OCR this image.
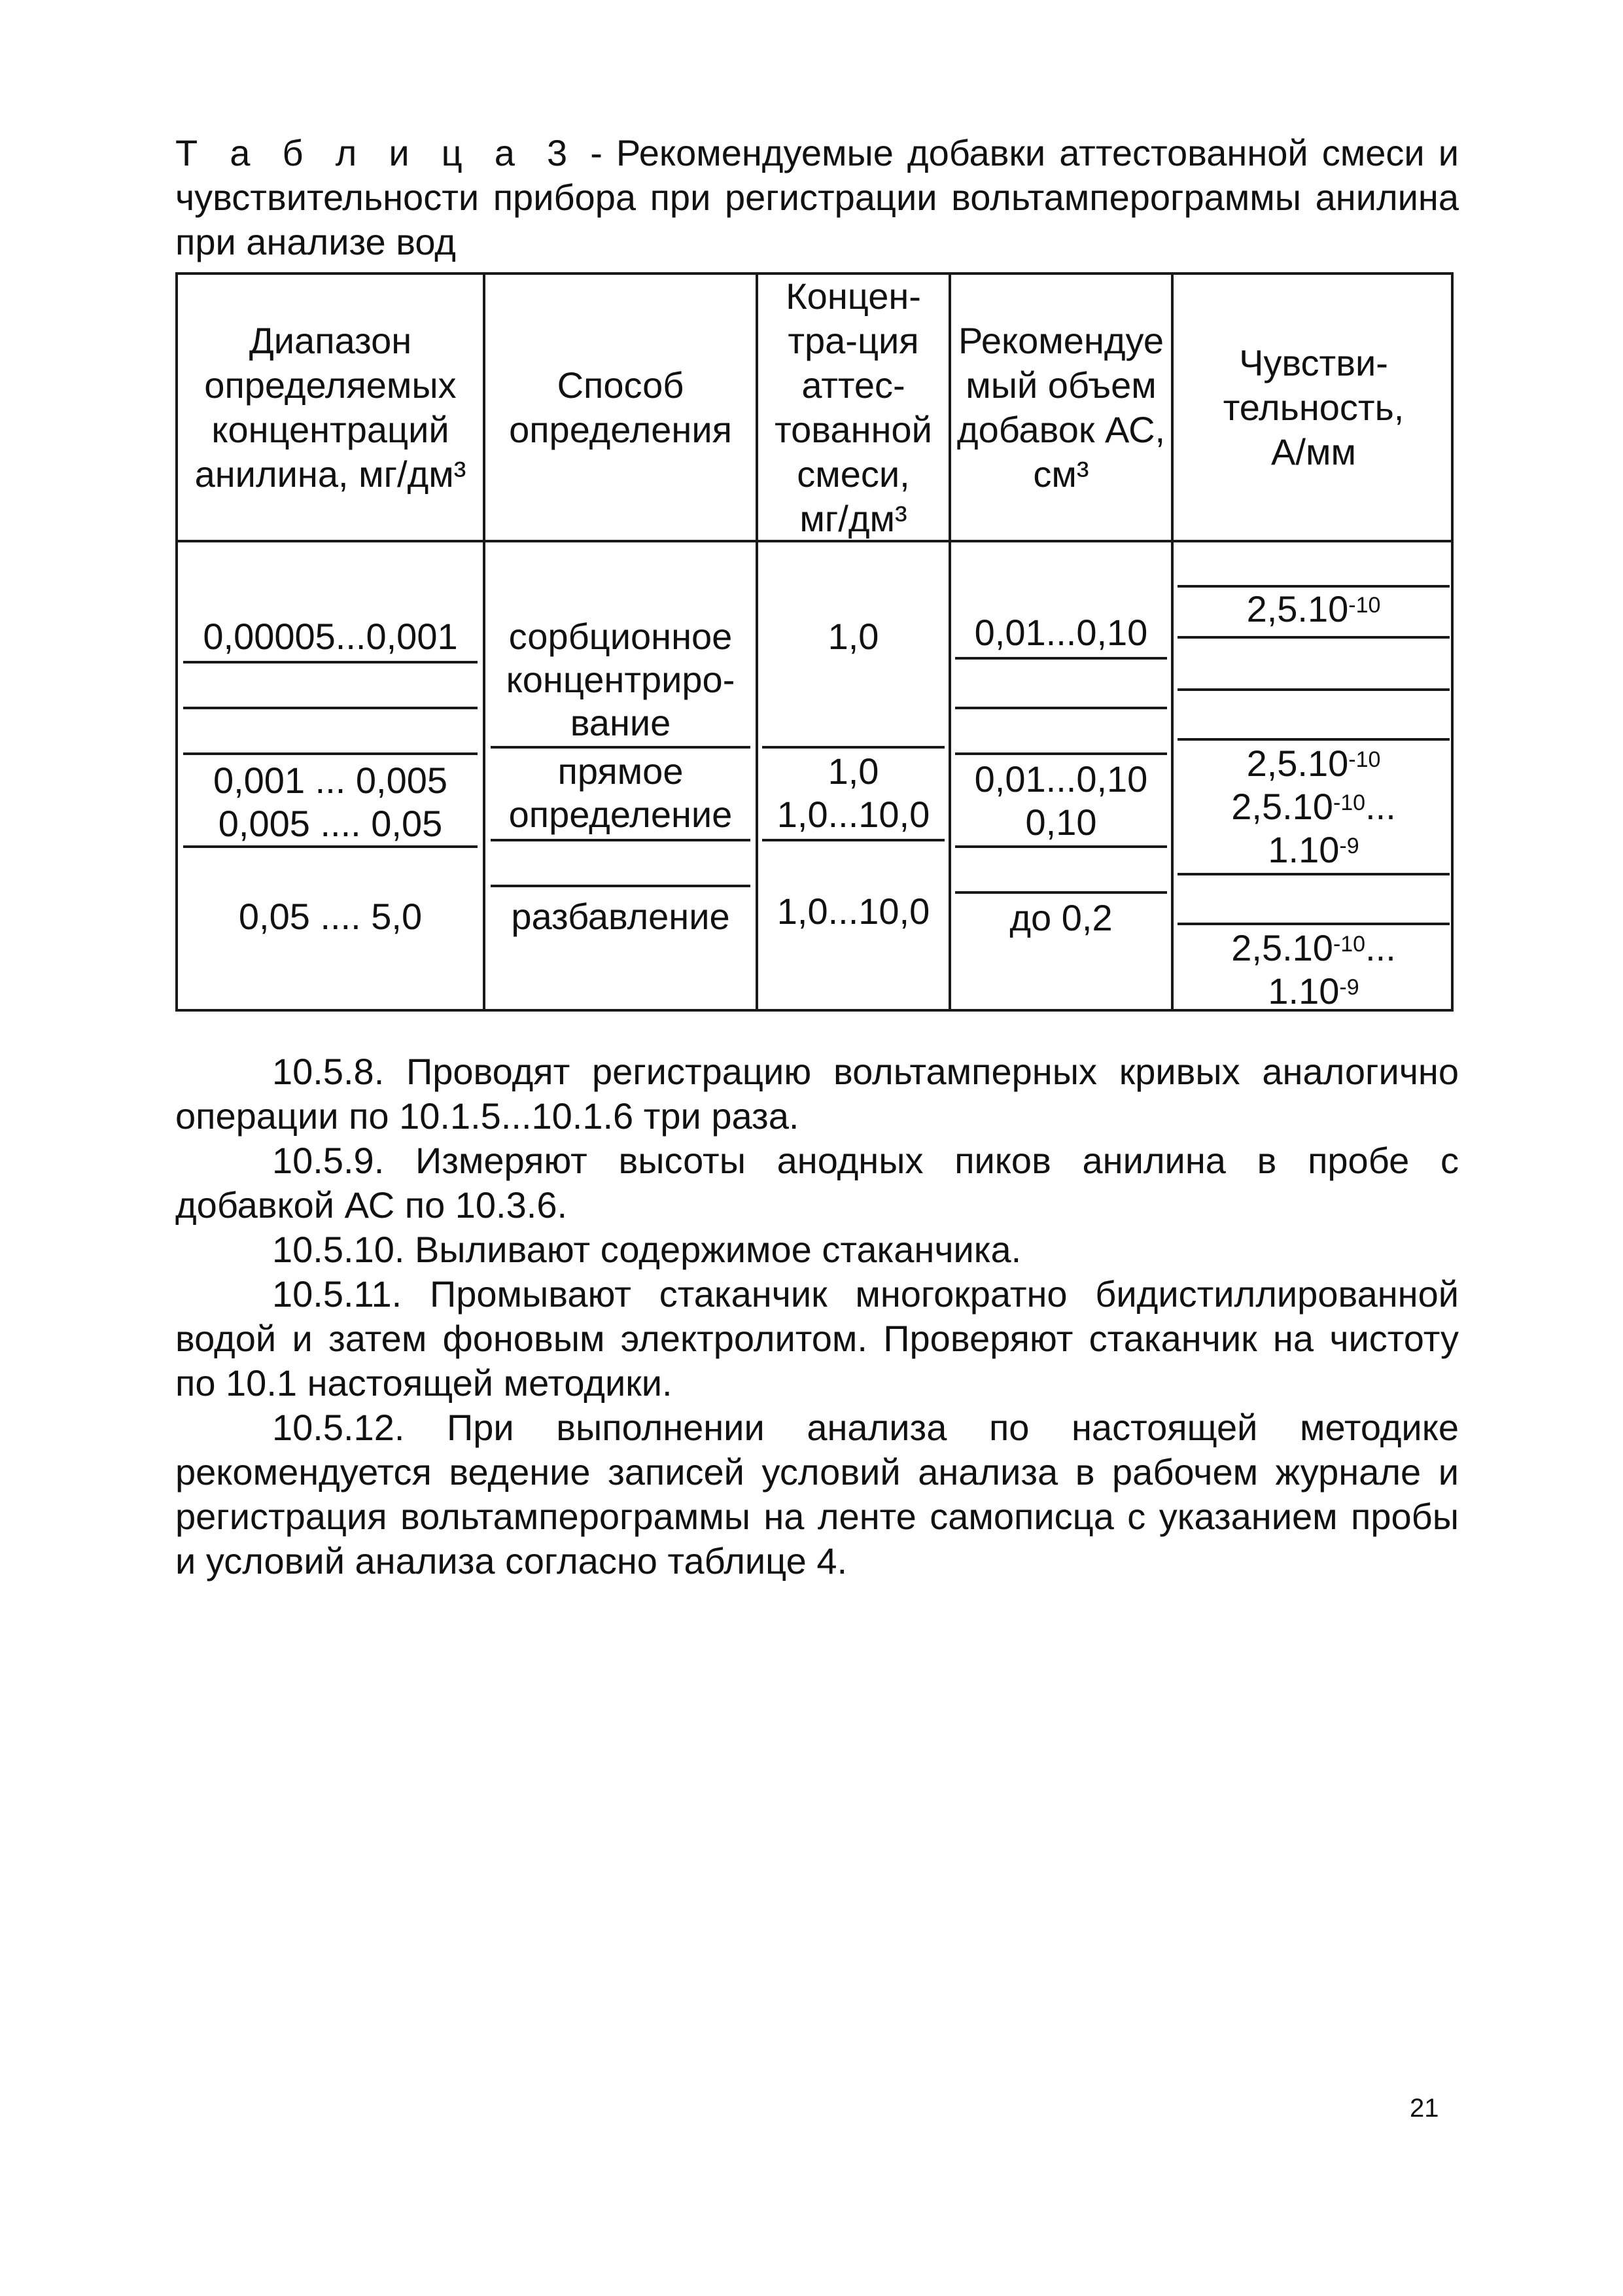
Т а б л и ц а 3 - Рекомендуемые добавки аттестованной смеси и чувствительности прибора при регистрации вольтамперограммы анилина при анализе вод
Диапазон
определяемых
концентраций
анилина, мг/дм³
Способ
определения
Концен-
тра-ция
аттес-
тованной
смеси,
мг/дм³
Рекомендуе
мый объем
добавок АС,
см³
Чувстви-
тельность,
А/мм
0,00005...0,001
0,001 ... 0,005
0,005 .... 0,05
0,05 .... 5,0
сорбционное
концентриро-
вание
прямое
определение
разбавление
1,0
1,0
1,0...10,0
1,0...10,0
0,01...0,10
0,01...0,10
0,10
до 0,2
$2,5.10^{-10}$
$2,5.10^{-10}$
$2,5.10^{-10}$...
$1.10^{-9}$
$2,5.10^{-10}$...
$1.10^{-9}$
10.5.8. Проводят регистрацию вольтамперных кривых аналогично операции по 10.1.5...10.1.6 три раза.
10.5.9. Измеряют высоты анодных пиков анилина в пробе с добавкой АС по 10.3.6.
10.5.10. Выливают содержимое стаканчика.
10.5.11. Промывают стаканчик многократно бидистиллированной водой и затем фоновым электролитом. Проверяют стаканчик на чистоту по 10.1 настоящей методики.
10.5.12. При выполнении анализа по настоящей методике рекомендуется ведение записей условий анализа в рабочем журнале и регистрация вольтамперограммы на ленте самописца с указанием пробы и условий анализа согласно таблице 4.
21
